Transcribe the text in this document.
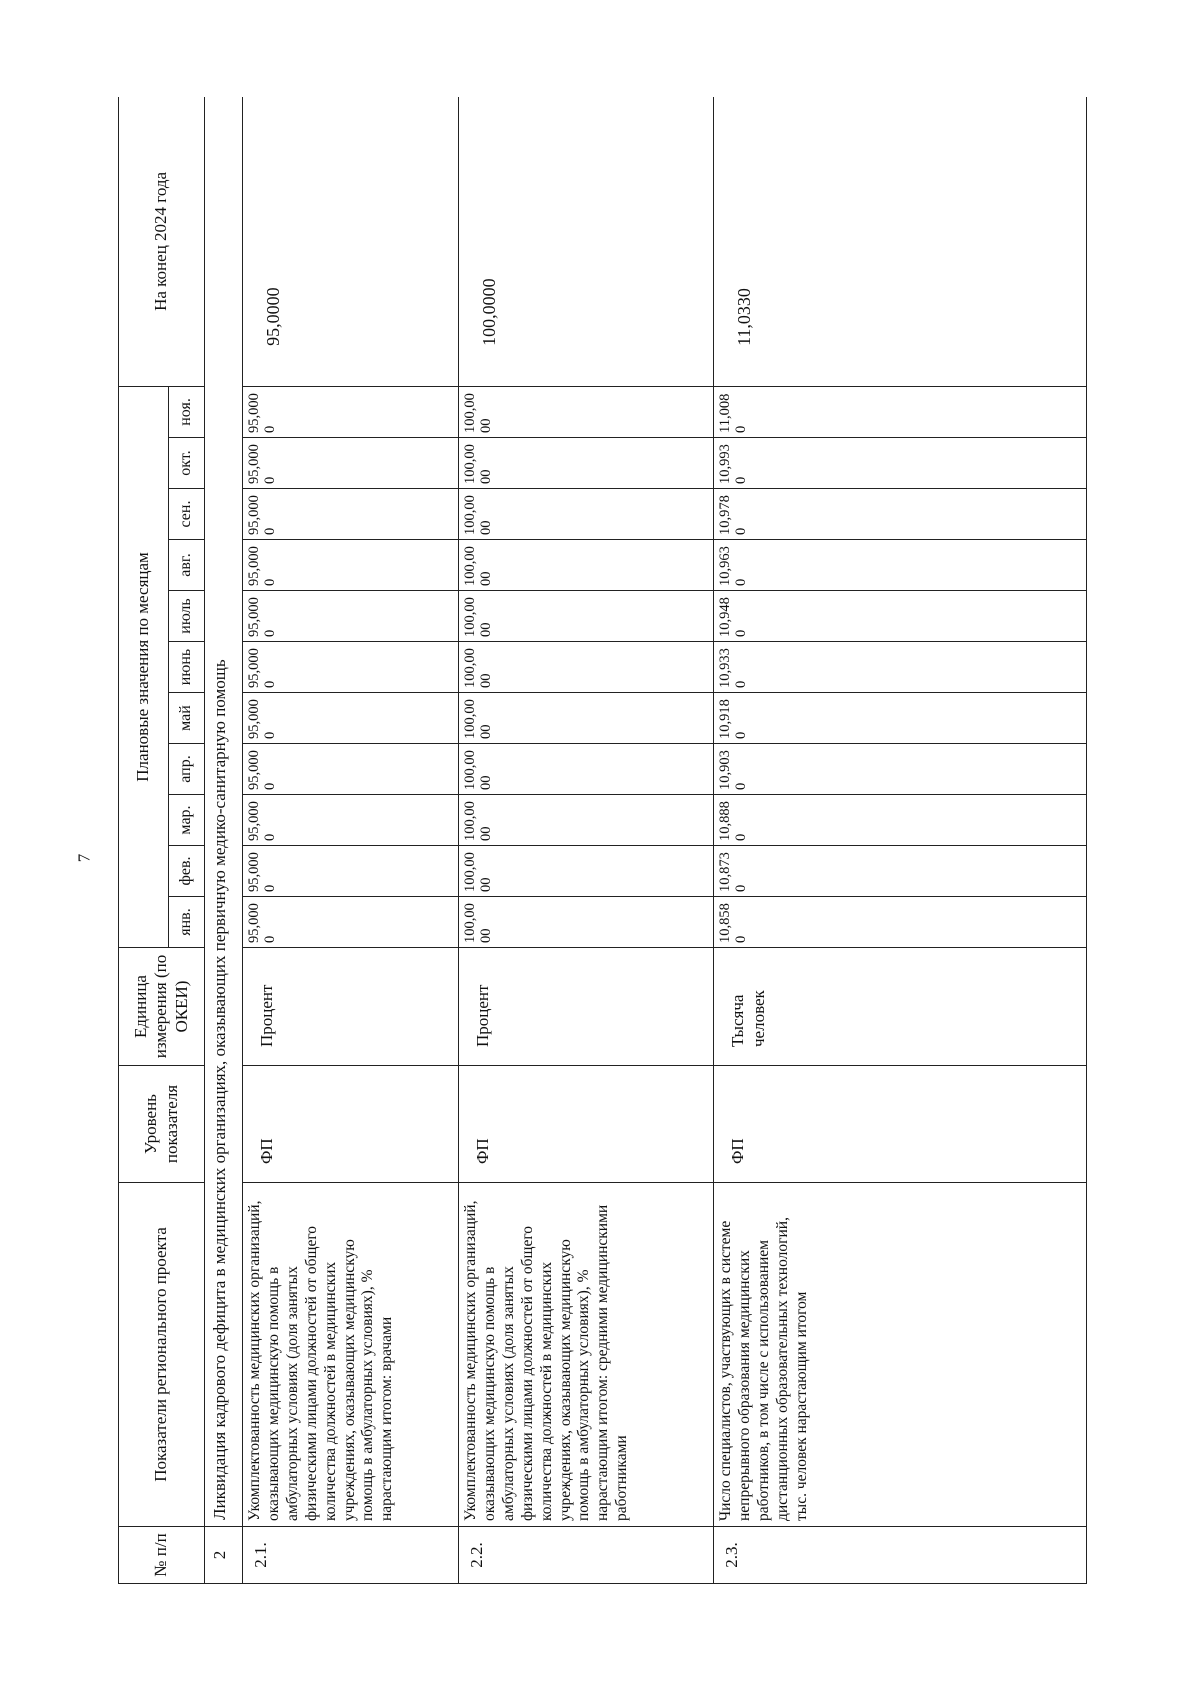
7
№ п/п	Показатели регионального проекта	Уровень показателя	Единица измерения (по ОКЕИ)	Плановые значения по месяцам											На конец 2024 года
				янв.	фев.	мар.	апр.	май	июнь	июль	авг.	сен.	окт.	ноя.	
2	Ликвидация кадрового дефицита в медицинских организациях, оказывающих первичную медико-санитарную помощь														
2.1.	Укомплектованность медицинских организаций, оказывающих медицинскую помощь в амбулаторных условиях (доля занятых физическими лицами должностей от общего количества должностей в медицинских учреждениях, оказывающих медицинскую помощь в амбулаторных условиях), % нарастающим итогом: врачами	ФП	Процент	95,0000	95,0000	95,0000	95,0000	95,0000	95,0000	95,0000	95,0000	95,0000	95,0000	95,0000	95,0000
2.2.	Укомплектованность медицинских организаций, оказывающих медицинскую помощь в амбулаторных условиях (доля занятых физическими лицами должностей от общего количества должностей в медицинских учреждениях, оказывающих медицинскую помощь в амбулаторных условиях), % нарастающим итогом: средними медицинскими работниками	ФП	Процент	100,0000	100,0000	100,0000	100,0000	100,0000	100,0000	100,0000	100,0000	100,0000	100,0000	100,0000	100,0000
2.3.	Число специалистов, участвующих в системе непрерывного образования медицинских работников, в том числе с использованием дистанционных образовательных технологий, тыс. человек нарастающим итогом	ФП	Тысяча человек	10,8580	10,8730	10,8880	10,9030	10,9180	10,9330	10,9480	10,9630	10,9780	10,9930	11,0080	11,0330
